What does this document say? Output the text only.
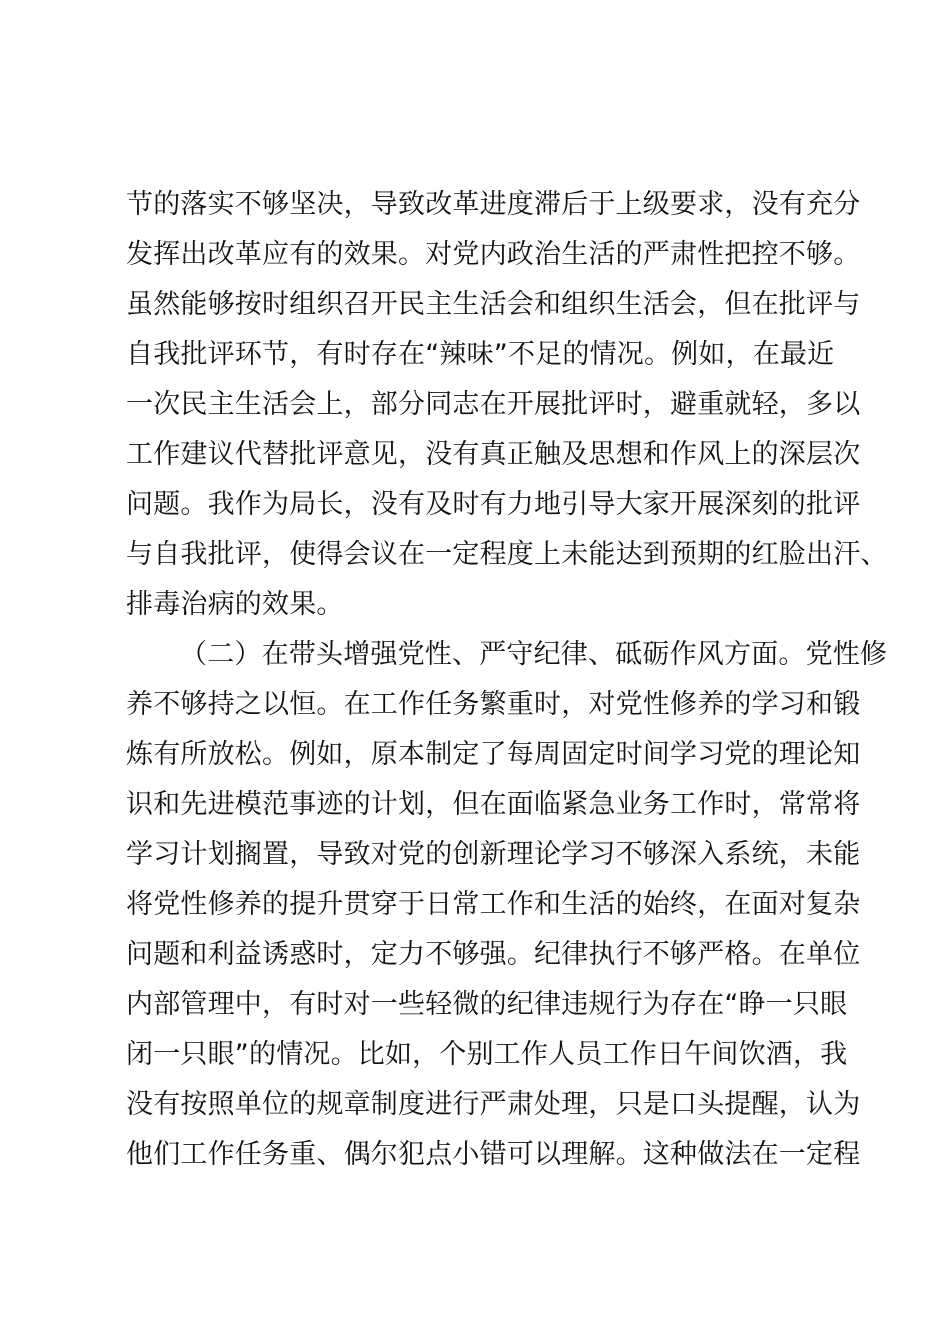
节的落实不够坚决，导致改革进度滞后于上级要求，没有充分
发挥出改革应有的效果。对党内政治生活的严肃性把控不够。
虽然能够按时组织召开民主生活会和组织生活会，但在批评与
自我批评环节，有时存在“辣味”不足的情况。例如，在最近
一次民主生活会上，部分同志在开展批评时，避重就轻，多以
工作建议代替批评意见，没有真正触及思想和作风上的深层次
问题。我作为局长，没有及时有力地引导大家开展深刻的批评
与自我批评，使得会议在一定程度上未能达到预期的红脸出汗、
排毒治病的效果。
（二）在带头增强党性、严守纪律、砥砺作风方面。党性修
养不够持之以恒。在工作任务繁重时，对党性修养的学习和锻
炼有所放松。例如，原本制定了每周固定时间学习党的理论知
识和先进模范事迹的计划，但在面临紧急业务工作时，常常将
学习计划搁置，导致对党的创新理论学习不够深入系统，未能
将党性修养的提升贯穿于日常工作和生活的始终，在面对复杂
问题和利益诱惑时，定力不够强。纪律执行不够严格。在单位
内部管理中，有时对一些轻微的纪律违规行为存在“睁一只眼
闭一只眼”的情况。比如，个别工作人员工作日午间饮酒，我
没有按照单位的规章制度进行严肃处理，只是口头提醒，认为
他们工作任务重、偶尔犯点小错可以理解。这种做法在一定程
